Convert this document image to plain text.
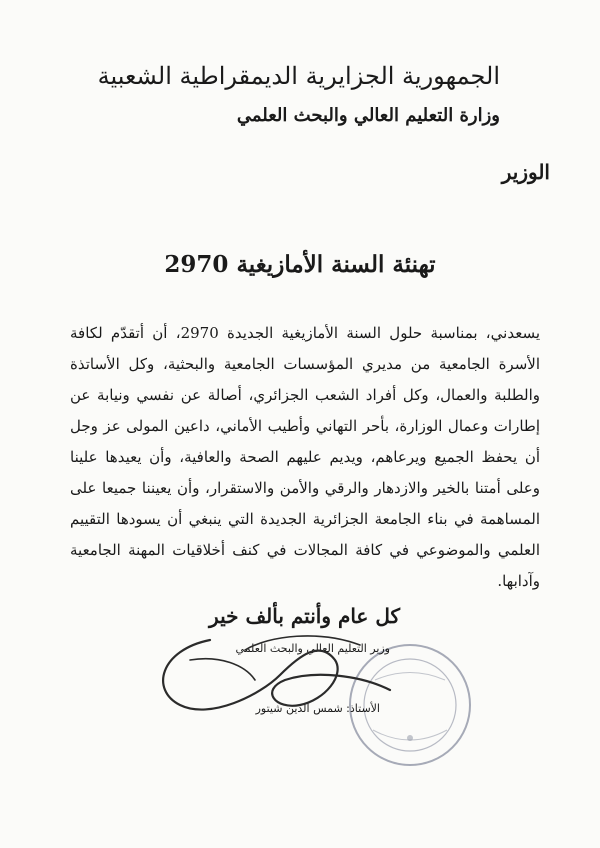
الجمهورية الجزايرية الديمقراطية الشعبية
وزارة التعليم العالي والبحث العلمي
الوزير
تهنئة السنة الأمازيغية 2970
يسعدني، بمناسبة حلول السنة الأمازيغية الجديدة 2970، أن أتقدّم لكافة الأسرة الجامعية من مديري المؤسسات الجامعية والبحثية، وكل الأساتذة والطلبة والعمال، وكل أفراد الشعب الجزائري، أصالة عن نفسي ونيابة عن إطارات وعمال الوزارة، بأحر التهاني وأطيب الأماني، داعين المولى عز وجل أن يحفظ الجميع ويرعاهم، ويديم عليهم الصحة والعافية، وأن يعيدها علينا وعلى أمتنا بالخير والازدهار والرقي والأمن والاستقرار، وأن يعيننا جميعا على المساهمة في بناء الجامعة الجزائرية الجديدة التي ينبغي أن يسودها التقييم العلمي والموضوعي في كافة المجالات في كنف أخلاقيات المهنة الجامعية وآدابها.
كل عام وأنتم بألف خير
وزير التعليم العالي والبحث العلمي
الأستاذ: شمس الدين شيتور
